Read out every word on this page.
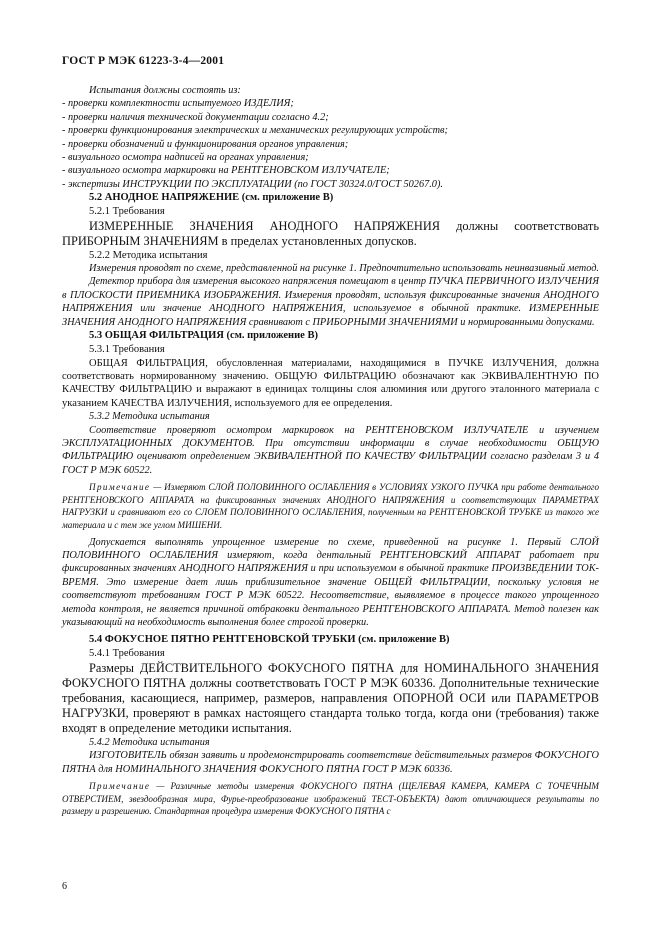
ГОСТ Р МЭК 61223-3-4—2001

Испытания должны состоять из:

- проверки комплектности испытуемого ИЗДЕЛИЯ;

- проверки наличия технической документации согласно 4.2;

- проверки функционирования электрических и механических регулирующих устройств;

- проверки обозначений и функционирования органов управления;

- визуального осмотра надписей на органах управления;

- визуального осмотра маркировки на РЕНТГЕНОВСКОМ ИЗЛУЧАТЕЛЕ;

- экспертизы ИНСТРУКЦИИ ПО ЭКСПЛУАТАЦИИ (по ГОСТ 30324.0/ГОСТ 50267.0).

5.2 АНОДНОЕ НАПРЯЖЕНИЕ (см. приложение В)

5.2.1 Требования

ИЗМЕРЕННЫЕ ЗНАЧЕНИЯ АНОДНОГО НАПРЯЖЕНИЯ должны соответствовать ПРИБОРНЫМ ЗНАЧЕНИЯМ в пределах установленных допусков.

5.2.2 Методика испытания

Измерения проводят по схеме, представленной на рисунке 1. Предпочтительно использовать неинвазивный метод.

Детектор прибора для измерения высокого напряжения помещают в центр ПУЧКА ПЕРВИЧНОГО ИЗЛУЧЕНИЯ в ПЛОСКОСТИ ПРИЕМНИКА ИЗОБРАЖЕНИЯ. Измерения проводят, используя фиксированные значения АНОДНОГО НАПРЯЖЕНИЯ или значение АНОДНОГО НАПРЯЖЕНИЯ, используемое в обычной практике. ИЗМЕРЕННЫЕ ЗНАЧЕНИЯ АНОДНОГО НАПРЯЖЕНИЯ сравнивают с ПРИБОРНЫМИ ЗНАЧЕНИЯМИ и нормированными допусками.

5.3 ОБЩАЯ ФИЛЬТРАЦИЯ (см. приложение В)

5.3.1 Требования

ОБЩАЯ ФИЛЬТРАЦИЯ, обусловленная материалами, находящимися в ПУЧКЕ ИЗЛУЧЕНИЯ, должна соответствовать нормированному значению. ОБЩУЮ ФИЛЬТРАЦИЮ обозначают как ЭКВИВАЛЕНТНУЮ ПО КАЧЕСТВУ ФИЛЬТРАЦИЮ и выражают в единицах толщины слоя алюминия или другого эталонного материала с указанием КАЧЕСТВА ИЗЛУЧЕНИЯ, используемого для ее определения.

5.3.2 Методика испытания

Соответствие проверяют осмотром маркировок на РЕНТГЕНОВСКОМ ИЗЛУЧАТЕЛЕ и изучением ЭКСПЛУАТАЦИОННЫХ ДОКУМЕНТОВ. При отсутствии информации в случае необходимости ОБЩУЮ ФИЛЬТРАЦИЮ оценивают определением ЭКВИВАЛЕНТНОЙ ПО КАЧЕСТВУ ФИЛЬТРАЦИИ согласно разделам 3 и 4 ГОСТ Р МЭК 60522.

Примечание — Измеряют СЛОЙ ПОЛОВИННОГО ОСЛАБЛЕНИЯ в УСЛОВИЯХ УЗКОГО ПУЧКА при работе дентального РЕНТГЕНОВСКОГО АППАРАТА на фиксированных значениях АНОДНОГО НАПРЯЖЕНИЯ и соответствующих ПАРАМЕТРАХ НАГРУЗКИ и сравнивают его со СЛОЕМ ПОЛОВИННОГО ОСЛАБЛЕНИЯ, полученным на РЕНТГЕНОВСКОЙ ТРУБКЕ из такого же материала и с тем же углом МИШЕНИ.

Допускается выполнять упрощенное измерение по схеме, приведенной на рисунке 1. Первый СЛОЙ ПОЛОВИННОГО ОСЛАБЛЕНИЯ измеряют, когда дентальный РЕНТГЕНОВСКИЙ АППАРАТ работает при фиксированных значениях АНОДНОГО НАПРЯЖЕНИЯ и при используемом в обычной практике ПРОИЗВЕДЕНИИ ТОК-ВРЕМЯ. Это измерение дает лишь приблизительное значение ОБЩЕЙ ФИЛЬТРАЦИИ, поскольку условия не соответствуют требованиям ГОСТ Р МЭК 60522. Несоответствие, выявляемое в процессе такого упрощенного метода контроля, не является причиной отбраковки дентального РЕНТГЕНОВСКОГО АППАРАТА. Метод полезен как указывающий на необходимость выполнения более строгой проверки.

5.4 ФОКУСНОЕ ПЯТНО РЕНТГЕНОВСКОЙ ТРУБКИ (см. приложение В)

5.4.1 Требования

Размеры ДЕЙСТВИТЕЛЬНОГО ФОКУСНОГО ПЯТНА для НОМИНАЛЬНОГО ЗНАЧЕНИЯ ФОКУСНОГО ПЯТНА должны соответствовать ГОСТ Р МЭК 60336. Дополнительные технические требования, касающиеся, например, размеров, направления ОПОРНОЙ ОСИ или ПАРАМЕТРОВ НАГРУЗКИ, проверяют в рамках настоящего стандарта только тогда, когда они (требования) также входят в определение методики испытания.

5.4.2 Методика испытания

ИЗГОТОВИТЕЛЬ обязан заявить и продемонстрировать соответствие действительных размеров ФОКУСНОГО ПЯТНА для НОМИНАЛЬНОГО ЗНАЧЕНИЯ ФОКУСНОГО ПЯТНА ГОСТ Р МЭК 60336.

Примечание — Различные методы измерения ФОКУСНОГО ПЯТНА (ЩЕЛЕВАЯ КАМЕРА, КАМЕРА С ТОЧЕЧНЫМ ОТВЕРСТИЕМ, звездообразная мира, Фурье-преобразование изображений ТЕСТ-ОБЪЕКТА) дают отличающиеся результаты по размеру и разрешению. Стандартная процедура измерения ФОКУСНОГО ПЯТНА с

6
